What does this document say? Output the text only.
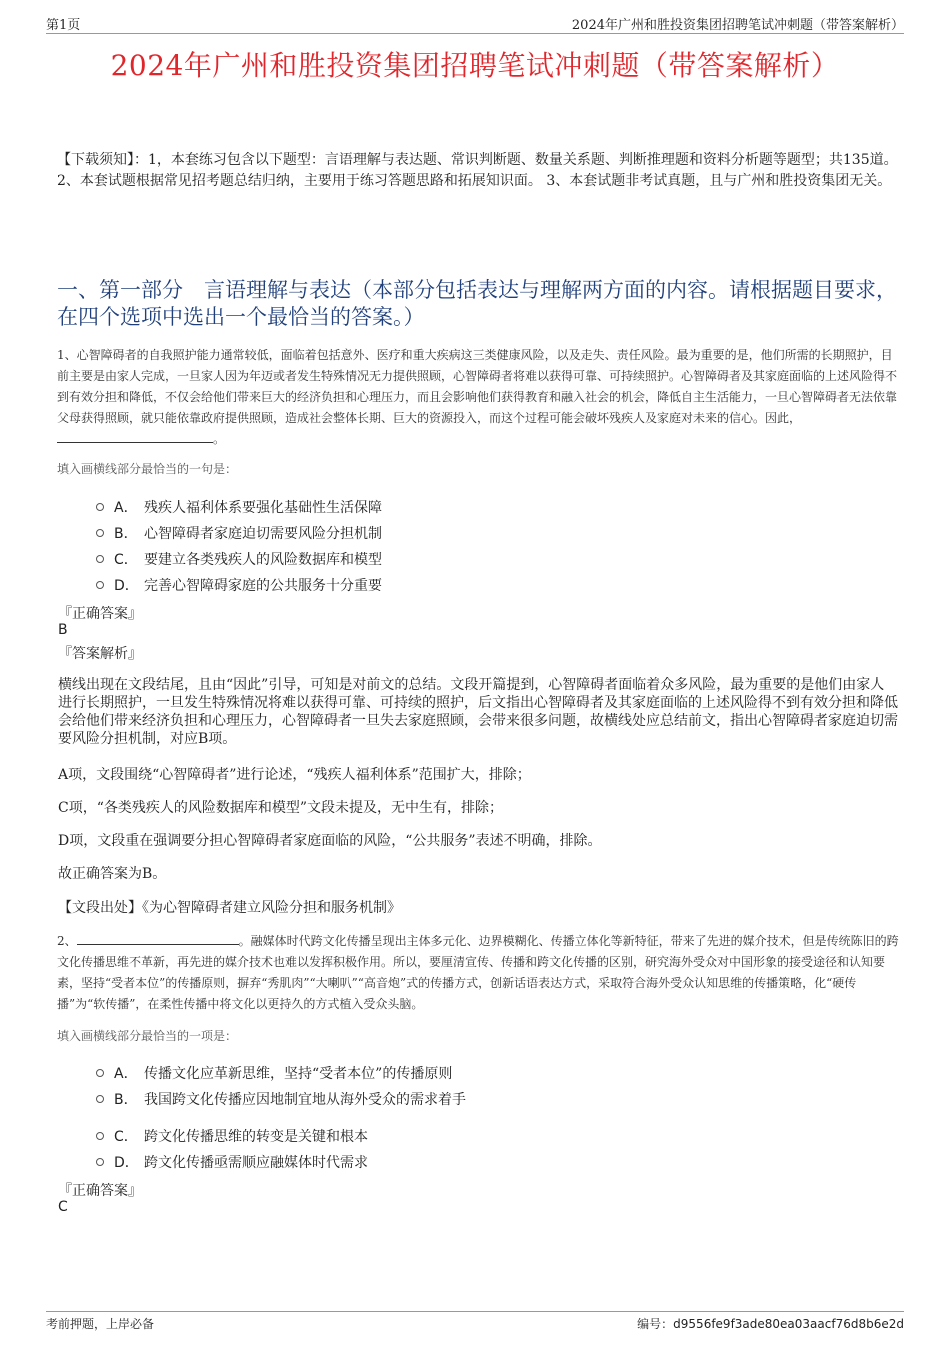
第1页	2024年广州和胜投资集团招聘笔试冲刺题（带答案解析）
2024年广州和胜投资集团招聘笔试冲刺题（带答案解析）
【下载须知】：1，本套练习包含以下题型：言语理解与表达题、常识判断题、数量关系题、判断推理题和资料分析题等题型；共135道。 2、本套试题根据常见招考题总结归纳，主要用于练习答题思路和拓展知识面。 3、本套试题非考试真题，且与广州和胜投资集团无关。
一、第一部分　言语理解与表达（本部分包括表达与理解两方面的内容。请根据题目要求，在四个选项中选出一个最恰当的答案。）
1、心智障碍者的自我照护能力通常较低，面临着包括意外、医疗和重大疾病这三类健康风险，以及走失、责任风险。最为重要的是，他们所需的长期照护，目前主要是由家人完成，一旦家人因为年迈或者发生特殊情况无力提供照顾，心智障碍者将难以获得可靠、可持续照护。心智障碍者及其家庭面临的上述风险得不到有效分担和降低，不仅会给他们带来巨大的经济负担和心理压力，而且会影响他们获得教育和融入社会的机会，降低自主生活能力，一旦心智障碍者无法依靠父母获得照顾，就只能依靠政府提供照顾，造成社会整体长期、巨大的资源投入，而这个过程可能会破坏残疾人及家庭对未来的信心。因此，。
填入画横线部分最恰当的一句是：
A． 残疾人福利体系要强化基础性生活保障
B． 心智障碍者家庭迫切需要风险分担机制
C． 要建立各类残疾人的风险数据库和模型
D． 完善心智障碍家庭的公共服务十分重要
『正确答案』
B
『答案解析』
横线出现在文段结尾，且由“因此”引导，可知是对前文的总结。文段开篇提到，心智障碍者面临着众多风险，最为重要的是他们由家人进行长期照护，一旦发生特殊情况将难以获得可靠、可持续的照护，后文指出心智障碍者及其家庭面临的上述风险得不到有效分担和降低会给他们带来经济负担和心理压力，心智障碍者一旦失去家庭照顾，会带来很多问题，故横线处应总结前文，指出心智障碍者家庭迫切需要风险分担机制，对应B项。
A项，文段围绕“心智障碍者”进行论述，“残疾人福利体系”范围扩大，排除；
C项，“各类残疾人的风险数据库和模型”文段未提及，无中生有，排除；
D项，文段重在强调要分担心智障碍者家庭面临的风险，“公共服务”表述不明确，排除。
故正确答案为B。
【文段出处】《为心智障碍者建立风险分担和服务机制》
2、	。融媒体时代跨文化传播呈现出主体多元化、边界模糊化、传播立体化等新特征，带来了先进的媒介技术，但是传统陈旧的跨文化传播思维不革新，再先进的媒介技术也难以发挥积极作用。所以，要厘清宣传、传播和跨文化传播的区别，研究海外受众对中国形象的接受途径和认知要素，坚持“受者本位”的传播原则，摒弃“秀肌肉”“大喇叭”“高音炮”式的传播方式，创新话语表达方式，采取符合海外受众认知思维的传播策略，化“硬传播”为“软传播”，在柔性传播中将文化以更持久的方式植入受众头脑。
填入画横线部分最恰当的一项是：
A． 传播文化应革新思维，坚持“受者本位”的传播原则
B． 我国跨文化传播应因地制宜地从海外受众的需求着手
C． 跨文化传播思维的转变是关键和根本
D． 跨文化传播亟需顺应融媒体时代需求
『正确答案』
C
考前押题，上岸必备	编号：d9556fe9f3ade80ea03aacf76d8b6e2d
